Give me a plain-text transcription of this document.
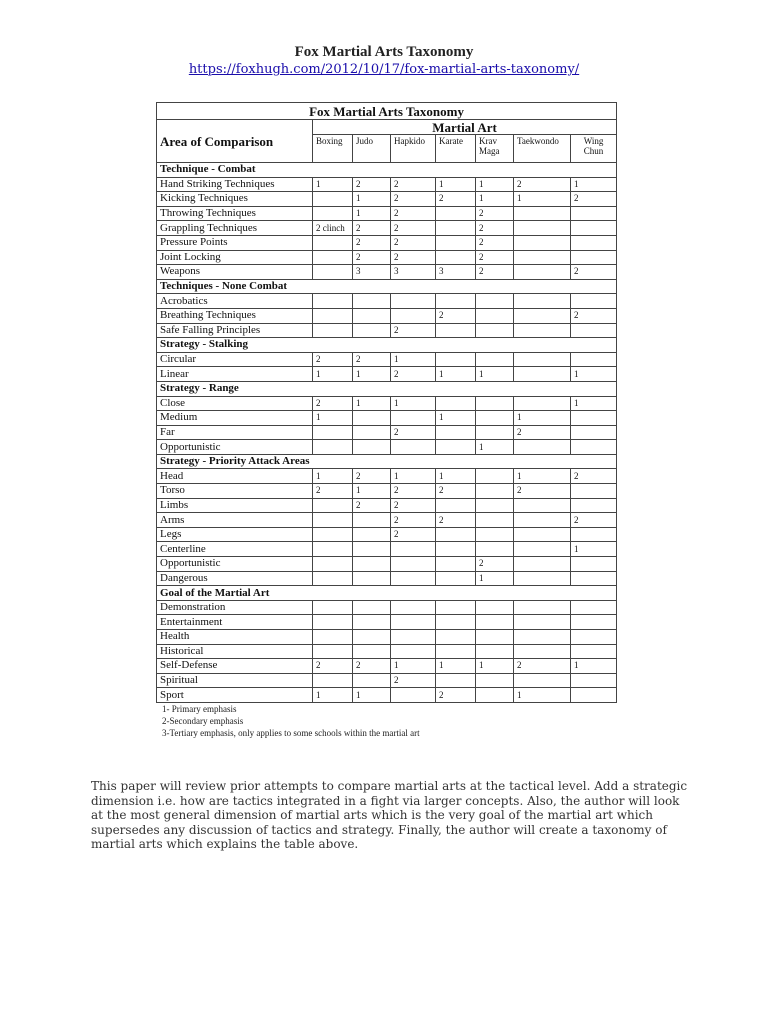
Fox Martial Arts Taxonomy
https://foxhugh.com/2012/10/17/fox-martial-arts-taxonomy/
Fox Martial Arts Taxonomy							
Area of Comparison	Martial Art						
	Boxing	Judo	Hapkido	Karate	Krav Maga	Taekwondo	Wing Chun
Technique - Combat							
Hand Striking Techniques	1	2	2	1	1	2	1
Kicking Techniques		1	2	2	1	1	2
Throwing Techniques		1	2		2		
Grappling Techniques	2 clinch	2	2		2		
Pressure Points		2	2		2		
Joint Locking		2	2		2		
Weapons		3	3	3	2		2
Techniques - None Combat							
Acrobatics							
Breathing Techniques				2			2
Safe Falling Principles			2				
Strategy - Stalking							
Circular	2	2	1				
Linear	1	1	2	1	1		1
Strategy - Range							
Close	2	1	1				1
Medium	1			1		1	
Far			2			2	
Opportunistic					1		
Strategy - Priority Attack Areas							
Head	1	2	1	1		1	2
Torso	2	1	2	2		2	
Limbs		2	2				
Arms			2	2			2
Legs			2				
Centerline							1
Opportunistic					2		
Dangerous					1		
Goal of the Martial Art							
Demonstration							
Entertainment							
Health							
Historical							
Self-Defense	2	2	1	1	1	2	1
Spiritual			2				
Sport	1	1		2		1	
1- Primary emphasis
2-Secondary emphasis
3-Tertiary emphasis, only applies to some schools within the martial art

This paper will review prior attempts to compare martial arts at the tactical level. Add a strategic dimension i.e. how are tactics integrated in a fight via larger concepts. Also, the author will look at the most general dimension of martial arts which is the very goal of the martial art which supersedes any discussion of tactics and strategy. Finally, the author will create a taxonomy of martial arts which explains the table above.
